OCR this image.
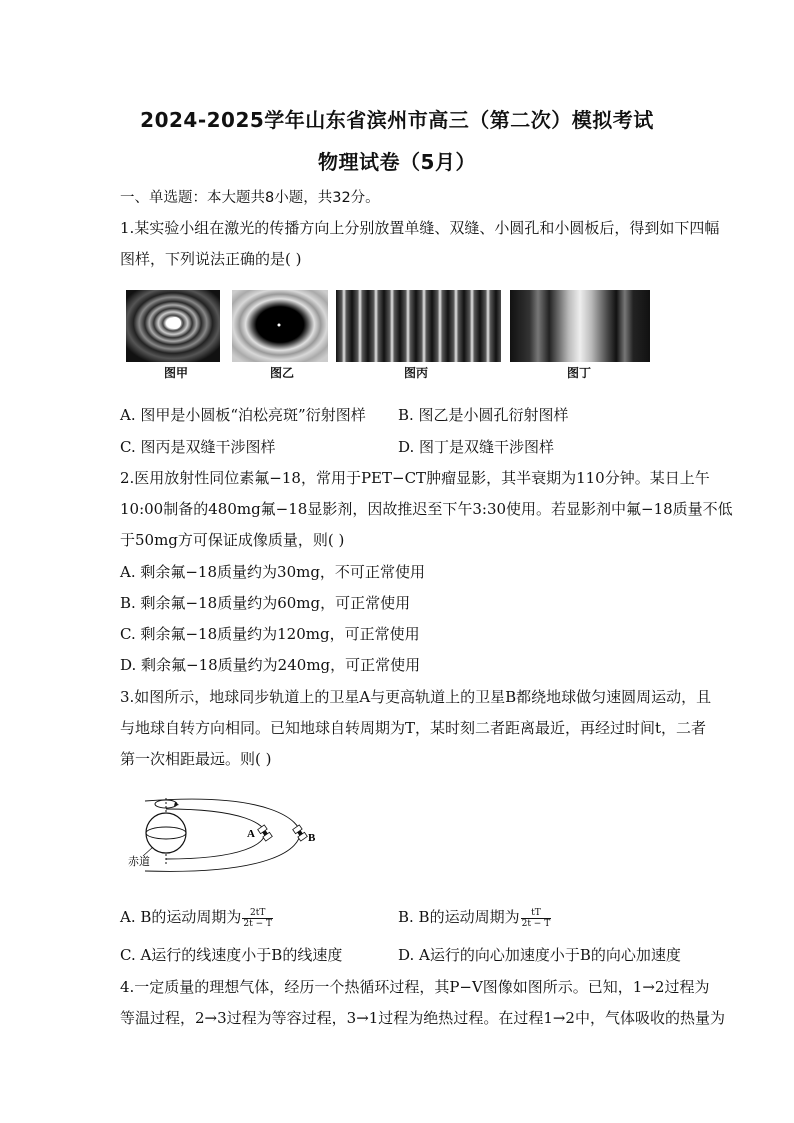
2024-2025学年山东省滨州市高三（第二次）模拟考试
物理试卷（5月）
一、单选题：本大题共8小题，共32分。
1.某实验小组在激光的传播方向上分别放置单缝、双缝、小圆孔和小圆板后，得到如下四幅
图样，下列说法正确的是( )
图甲	图乙	图丙	图丁
A. 图甲是小圆板“泊松亮斑”衍射图样 B. 图乙是小圆孔衍射图样
C. 图丙是双缝干涉图样	D. 图丁是双缝干涉图样
2.医用放射性同位素氟−18，常用于PET−CT肿瘤显影，其半衰期为110分钟。某日上午
10:00制备的480mg氟−18显影剂，因故推迟至下午3:30使用。若显影剂中氟−18质量不低
于50mg方可保证成像质量，则( )
A. 剩余氟−18质量约为30mg，不可正常使用
B. 剩余氟−18质量约为60mg，可正常使用
C. 剩余氟−18质量约为120mg，可正常使用
D. 剩余氟−18质量约为240mg，可正常使用
3.如图所示，地球同步轨道上的卫星A与更高轨道上的卫星B都绕地球做匀速圆周运动，且
与地球自转方向相同。已知地球自转周期为T，某时刻二者距离最近，再经过时间t，二者
第一次相距最远。则( )
A	B
赤道
A. B的运动周期为 $\frac{2tT}{2t - T}$	B. B的运动周期为 $\frac{tT}{2t - T}$
C. A运行的线速度小于B的线速度	D. A运行的向心加速度小于B的向心加速度
4.一定质量的理想气体，经历一个热循环过程，其P−V图像如图所示。已知，1→2过程为
等温过程，2→3过程为等容过程，3→1过程为绝热过程。在过程1→2中，气体吸收的热量为
